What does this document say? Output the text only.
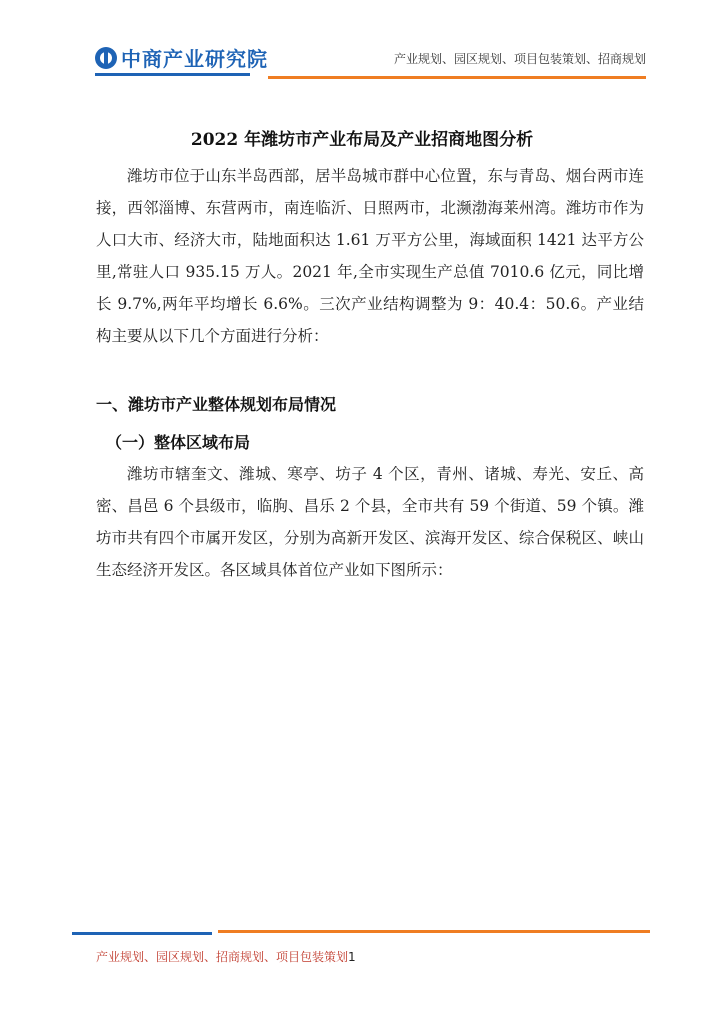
中商产业研究院	产业规划、园区规划、项目包装策划、招商规划
2022 年潍坊市产业布局及产业招商地图分析

潍坊市位于山东半岛西部，居半岛城市群中心位置，东与青岛、烟台两市连接，西邻淄博、东营两市，南连临沂、日照两市，北濒渤海莱州湾。潍坊市作为人口大市、经济大市，陆地面积达 1.61 万平方公里，海域面积 1421 达平方公里,常驻人口 935.15 万人。2021 年,全市实现生产总值 7010.6 亿元，同比增长 9.7%,两年平均增长 6.6%。三次产业结构调整为 9：40.4：50.6。产业结构主要从以下几个方面进行分析：

一、潍坊市产业整体规划布局情况
（一）整体区域布局

潍坊市辖奎文、潍城、寒亭、坊子 4 个区，青州、诸城、寿光、安丘、高密、昌邑 6 个县级市，临朐、昌乐 2 个县，全市共有 59 个街道、59 个镇。潍坊市共有四个市属开发区，分别为高新开发区、滨海开发区、综合保税区、峡山生态经济开发区。各区域具体首位产业如下图所示：

产业规划、园区规划、招商规划、项目包装策划1
